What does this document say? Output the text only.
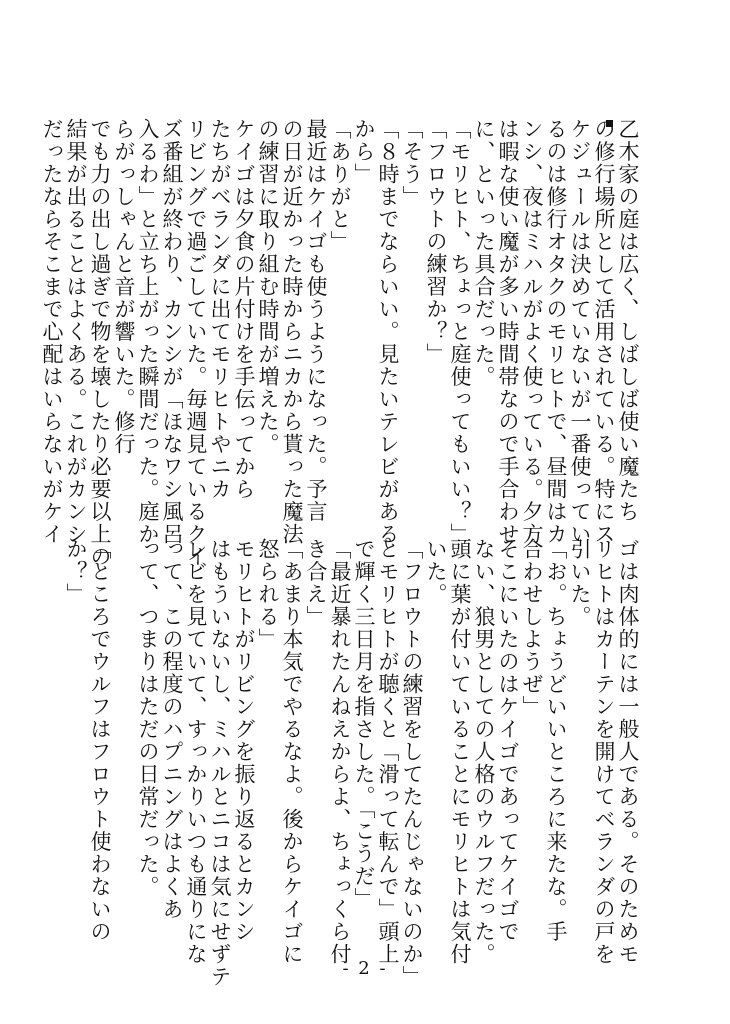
乙木家の庭は広く、しばしば使い魔たち
の修行場所として活用されている。特にス
ケジュールは決めていないが一番使ってい
るのは修行オタクのモリヒトで、昼間はカ
ンシ、夜はミハルがよく使っている。夕方
は暇な使い魔が多い時間帯なので手合わせ
に、といった具合だった。
「モリヒト、ちょっと庭使ってもいい？」
「フロウトの練習か？」
「そう」
「８時までならいい。見たいテレビがある
から」
「ありがと」
最近はケイゴも使うようになった。予言
の日が近かった時からニカから貰った魔法
の練習に取り組む時間が増えた。
ケイゴは夕食の片付けを手伝ってから
たちがベランダに出てモリヒトやニカ
リビングで過ごしていた。毎週見ているクイ
ズ番組が終わり、カンシが「ほなワシ風呂
入るわ」と立ち上がった瞬間だった。庭か
らがっしゃんと音が響いた。修行
でも力の出し過ぎで物を壊したり必要以上の
結果が出ることはよくある。これがカンシ
だったならそこまで心配はいらないがケイ
ゴは肉体的には一般人である。そのためモ
リヒトはカーテンを開けてベランダの戸を
引いた。
「お。ちょうどいいところに来たな。手
合わせしようぜ」
そこにいたのはケイゴであってケイゴで
ない、狼男としての人格のウルフだった。
頭に葉が付いていることにモリヒトは気付
いた。
「フロウトの練習をしてたんじゃないのか」
とモリヒトが聴くと「滑って転んで」頭上
で輝く三日月を指さした。「こうだ」
「最近暴れたんねえからよ、ちょっくら付
き合え」
「あまり本気でやるなよ。後からケイゴに
怒られる」
モリヒトがリビングを振り返るとカンシ
はもういないし、ミハルとニコは気にせずテ
レビを見ていて、すっかりいつも通りにな
って、この程度のハプニングはよくあ
って、つまりはただの日常だった。

「ところでウルフはフロウト使わないの
か？」
- 2 -
